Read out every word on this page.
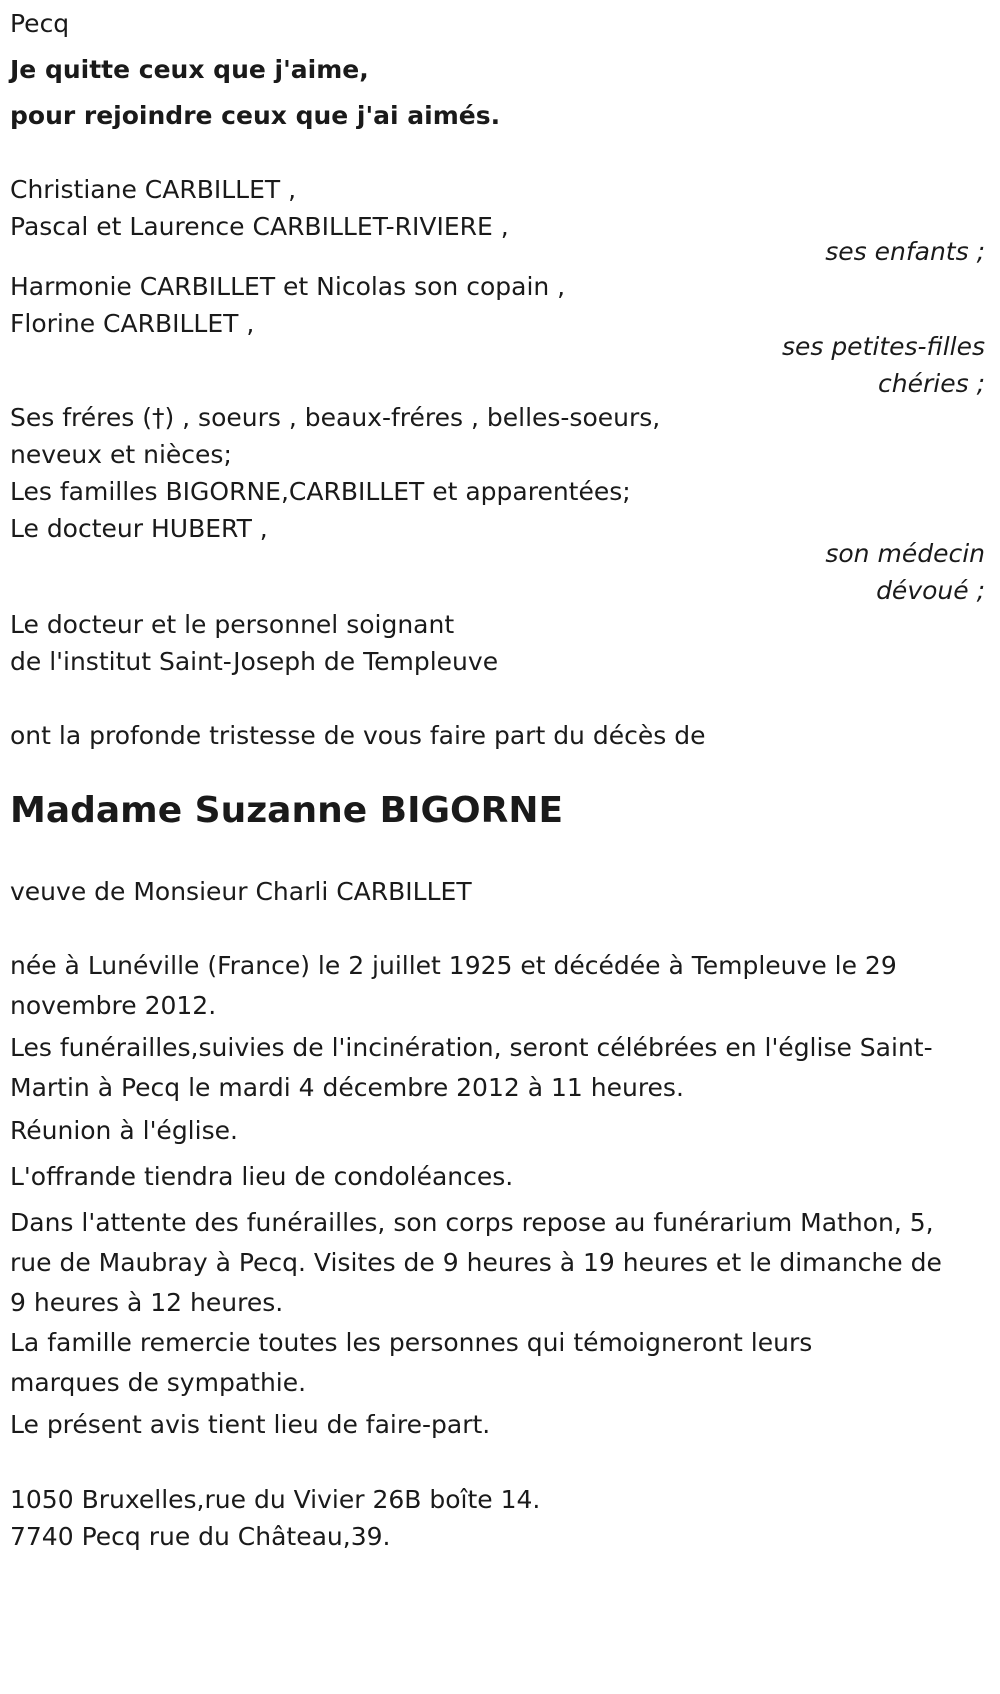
Pecq
Je quitte ceux que j'aime,
pour rejoindre ceux que j'ai aimés.
Christiane CARBILLET ,
Pascal et Laurence CARBILLET-RIVIERE ,
ses enfants ;
Harmonie CARBILLET et Nicolas son copain ,
Florine CARBILLET ,
ses petites-filles
chéries ;
Ses fréres (†) , soeurs , beaux-fréres , belles-soeurs,
neveux et nièces;
Les familles BIGORNE,CARBILLET et apparentées;
Le docteur HUBERT ,
son médecin
dévoué ;
Le docteur et le personnel soignant
de l'institut Saint-Joseph de Templeuve
ont la profonde tristesse de vous faire part du décès de
Madame Suzanne BIGORNE
veuve de Monsieur Charli CARBILLET
née à Lunéville (France) le 2 juillet 1925 et décédée à Templeuve le 29 novembre 2012.
Les funérailles,suivies de l'incinération, seront célébrées en l'église Saint-Martin à Pecq le mardi 4 décembre 2012 à 11 heures.
Réunion à l'église.
L'offrande tiendra lieu de condoléances.
Dans l'attente des funérailles, son corps repose au funérarium Mathon, 5, rue de Maubray à Pecq. Visites de 9 heures à 19 heures et le dimanche de 9 heures à 12 heures.
La famille remercie toutes les personnes qui témoigneront leurs marques de sympathie.
Le présent avis tient lieu de faire-part.
1050 Bruxelles,rue du Vivier 26B boîte 14.
7740 Pecq rue du Château,39.
